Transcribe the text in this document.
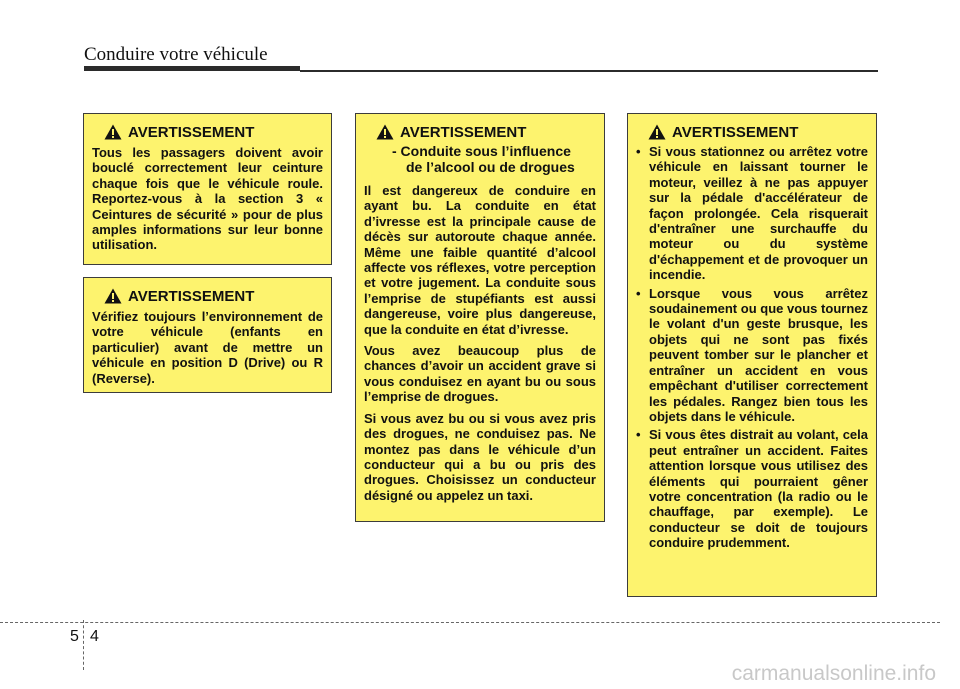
Conduire votre véhicule
AVERTISSEMENT
Tous les passagers doivent avoir bouclé correctement leur ceinture chaque fois que le véhicule roule. Reportez-vous à la section 3 « Ceintures de sécurité » pour de plus amples informations sur leur bonne utilisation.
AVERTISSEMENT
Vérifiez toujours l’environnement de votre véhicule (enfants en particulier) avant de mettre un véhicule en position D (Drive) ou R (Reverse).
AVERTISSEMENT
- Conduite sous l’influence
de l’alcool ou de drogues

Il est dangereux de conduire en ayant bu. La conduite en état d’ivresse est la principale cause de décès sur autoroute chaque année. Même une faible quantité d’alcool affecte vos réflexes, votre perception et votre jugement. La conduite sous l’emprise de stupéfiants est aussi dangereuse, voire plus dangereuse, que la conduite en état d’ivresse.

Vous avez beaucoup plus de chances d’avoir un accident grave si vous conduisez en ayant bu ou sous l’emprise de drogues.

Si vous avez bu ou si vous avez pris des drogues, ne conduisez pas. Ne montez pas dans le véhicule d’un conducteur qui a bu ou pris des drogues. Choisissez un conducteur désigné ou appelez un taxi.

AVERTISSEMENT
• Si vous stationnez ou arrêtez votre véhicule en laissant tourner le moteur, veillez à ne pas appuyer sur la pédale d'accélérateur de façon prolongée. Cela risquerait d'entraîner une surchauffe du moteur ou du système d'échappement et de provoquer un incendie.
• Lorsque vous vous arrêtez soudainement ou que vous tournez le volant d'un geste brusque, les objets qui ne sont pas fixés peuvent tomber sur le plancher et entraîner un accident en vous empêchant d'utiliser correctement les pédales. Rangez bien tous les objets dans le véhicule.
• Si vous êtes distrait au volant, cela peut entraîner un accident. Faites attention lorsque vous utilisez des éléments qui pourraient gêner votre concentration (la radio ou le chauffage, par exemple). Le conducteur se doit de toujours conduire prudemment.
5 4
carmanualsonline.info
